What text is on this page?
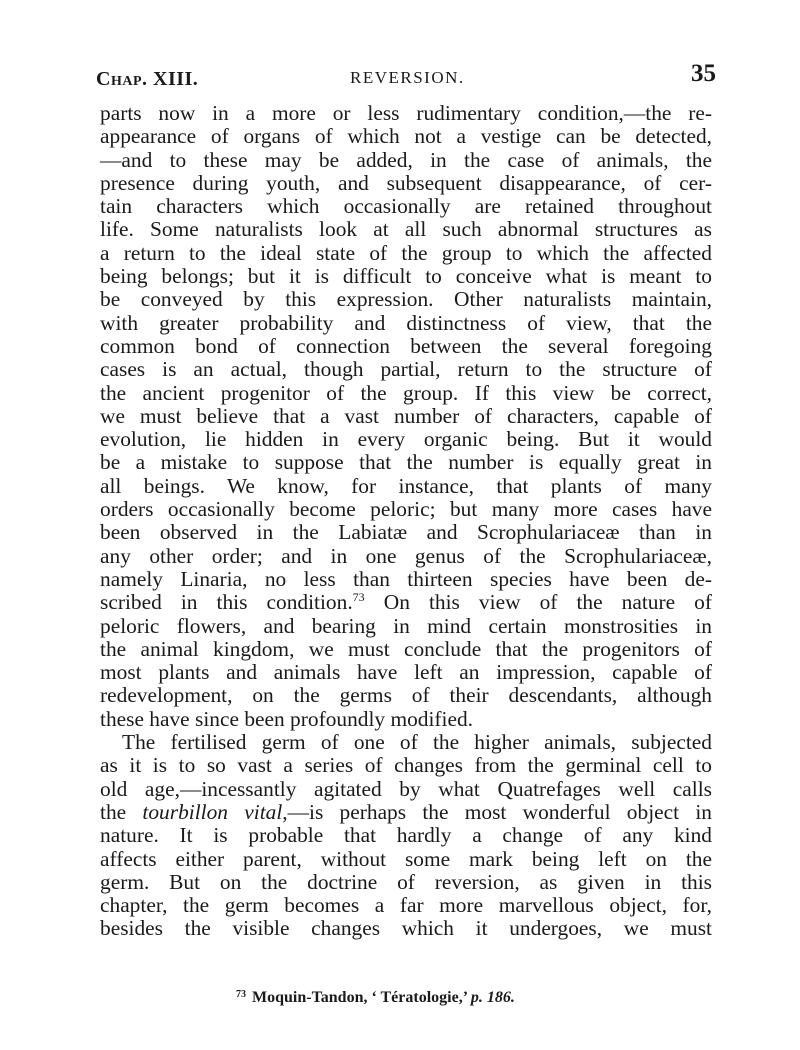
Chap. XIII.	REVERSION.	35
parts now in a more or less rudimentary condition,—the re-
appearance of organs of which not a vestige can be detected,
—and to these may be added, in the case of animals, the
presence during youth, and subsequent disappearance, of cer-
tain characters which occasionally are retained throughout
life. Some naturalists look at all such abnormal structures as
a return to the ideal state of the group to which the affected
being belongs; but it is difficult to conceive what is meant to
be conveyed by this expression. Other naturalists maintain,
with greater probability and distinctness of view, that the
common bond of connection between the several foregoing
cases is an actual, though partial, return to the structure of
the ancient progenitor of the group. If this view be correct,
we must believe that a vast number of characters, capable of
evolution, lie hidden in every organic being. But it would
be a mistake to suppose that the number is equally great in
all beings. We know, for instance, that plants of many
orders occasionally become peloric; but many more cases have
been observed in the Labiatæ and Scrophulariaceæ than in
any other order; and in one genus of the Scrophulariaceæ,
namely Linaria, no less than thirteen species have been de-
scribed in this condition.$^{73}$ On this view of the nature of
peloric flowers, and bearing in mind certain monstrosities in
the animal kingdom, we must conclude that the progenitors of
most plants and animals have left an impression, capable of
redevelopment, on the germs of their descendants, although
these have since been profoundly modified.
The fertilised germ of one of the higher animals, subjected
as it is to so vast a series of changes from the germinal cell to
old age,—incessantly agitated by what Quatrefages well calls
the tourbillon vital,—is perhaps the most wonderful object in
nature. It is probable that hardly a change of any kind
affects either parent, without some mark being left on the
germ. But on the doctrine of reversion, as given in this
chapter, the germ becomes a far more marvellous object, for,
besides the visible changes which it undergoes, we must
$^{73}$ Moquin-Tandon, ‘ Tératologie,’ p. 186.
